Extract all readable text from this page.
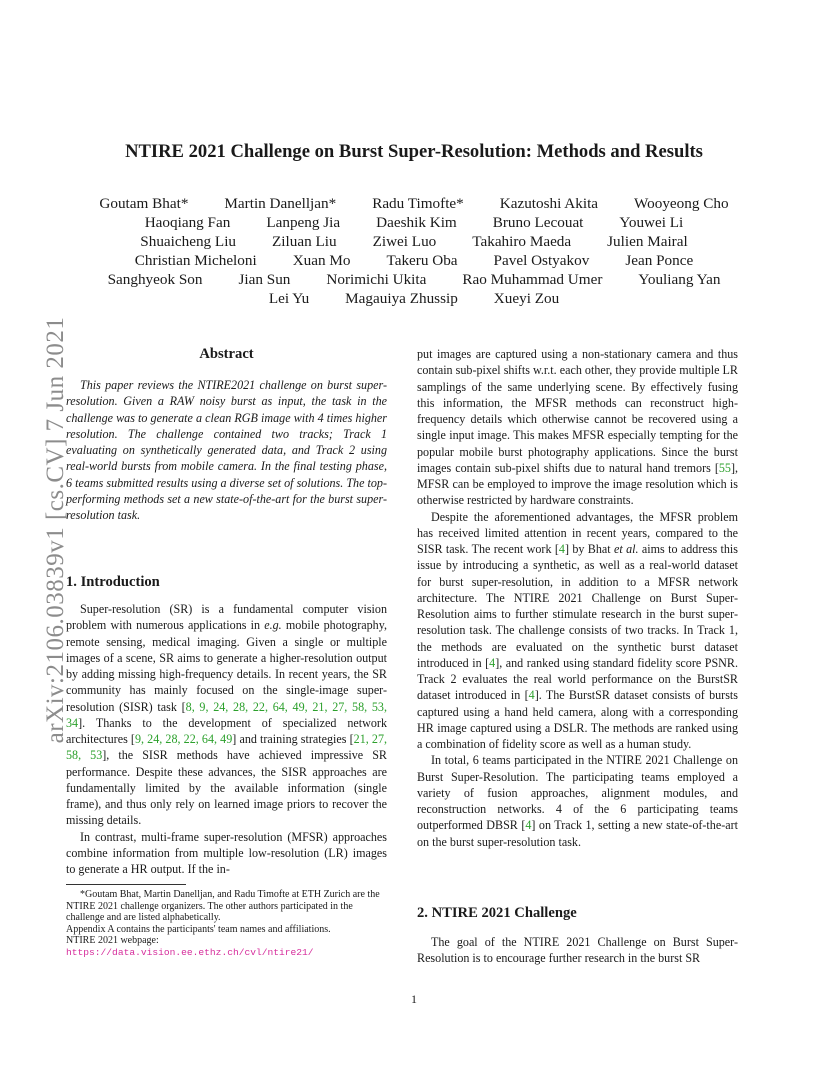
arXiv:2106.03839v1 [cs.CV] 7 Jun 2021
NTIRE 2021 Challenge on Burst Super-Resolution: Methods and Results
Goutam Bhat* Martin Danelljan* Radu Timofte* Kazutoshi Akita Wooyeong Cho
Haoqiang Fan Lanpeng Jia Daeshik Kim Bruno Lecouat Youwei Li
Shuaicheng Liu Ziluan Liu Ziwei Luo Takahiro Maeda Julien Mairal
Christian Micheloni Xuan Mo Takeru Oba Pavel Ostyakov Jean Ponce
Sanghyeok Son Jian Sun Norimichi Ukita Rao Muhammad Umer Youliang Yan
Lei Yu Magauiya Zhussip Xueyi Zou
Abstract

This paper reviews the NTIRE2021 challenge on burst super-resolution. Given a RAW noisy burst as input, the task in the challenge was to generate a clean RGB image with 4 times higher resolution. The challenge contained two tracks; Track 1 evaluating on synthetically generated data, and Track 2 using real-world bursts from mobile camera. In the final testing phase, 6 teams submitted results using a diverse set of solutions. The top-performing methods set a new state-of-the-art for the burst super-resolution task.

1. Introduction

Super-resolution (SR) is a fundamental computer vision problem with numerous applications in e.g. mobile photography, remote sensing, medical imaging. Given a single or multiple images of a scene, SR aims to generate a higher-resolution output by adding missing high-frequency details. In recent years, the SR community has mainly focused on the single-image super-resolution (SISR) task [8, 9, 24, 28, 22, 64, 49, 21, 27, 58, 53, 34]. Thanks to the development of specialized network architectures [9, 24, 28, 22, 64, 49] and training strategies [21, 27, 58, 53], the SISR methods have achieved impressive SR performance. Despite these advances, the SISR approaches are fundamentally limited by the available information (single frame), and thus only rely on learned image priors to recover the missing details.

In contrast, multi-frame super-resolution (MFSR) approaches combine information from multiple low-resolution (LR) images to generate a HR output. If the in-

*Goutam Bhat, Martin Danelljan, and Radu Timofte at ETH Zurich are the NTIRE 2021 challenge organizers. The other authors participated in the challenge and are listed alphabetically.
Appendix A contains the participants' team names and affiliations.
NTIRE 2021 webpage:
https://data.vision.ee.ethz.ch/cvl/ntire21/

put images are captured using a non-stationary camera and thus contain sub-pixel shifts w.r.t. each other, they provide multiple LR samplings of the same underlying scene. By effectively fusing this information, the MFSR methods can reconstruct high-frequency details which otherwise cannot be recovered using a single input image. This makes MFSR especially tempting for the popular mobile burst photography applications. Since the burst images contain sub-pixel shifts due to natural hand tremors [55], MFSR can be employed to improve the image resolution which is otherwise restricted by hardware constraints.

Despite the aforementioned advantages, the MFSR problem has received limited attention in recent years, compared to the SISR task. The recent work [4] by Bhat et al. aims to address this issue by introducing a synthetic, as well as a real-world dataset for burst super-resolution, in addition to a MFSR network architecture. The NTIRE 2021 Challenge on Burst Super-Resolution aims to further stimulate research in the burst super-resolution task. The challenge consists of two tracks. In Track 1, the methods are evaluated on the synthetic burst dataset introduced in [4], and ranked using standard fidelity score PSNR. Track 2 evaluates the real world performance on the BurstSR dataset introduced in [4]. The BurstSR dataset consists of bursts captured using a hand held camera, along with a corresponding HR image captured using a DSLR. The methods are ranked using a combination of fidelity score as well as a human study.

In total, 6 teams participated in the NTIRE 2021 Challenge on Burst Super-Resolution. The participating teams employed a variety of fusion approaches, alignment modules, and reconstruction networks. 4 of the 6 participating teams outperformed DBSR [4] on Track 1, setting a new state-of-the-art on the burst super-resolution task.

2. NTIRE 2021 Challenge

The goal of the NTIRE 2021 Challenge on Burst Super-Resolution is to encourage further research in the burst SR

1
